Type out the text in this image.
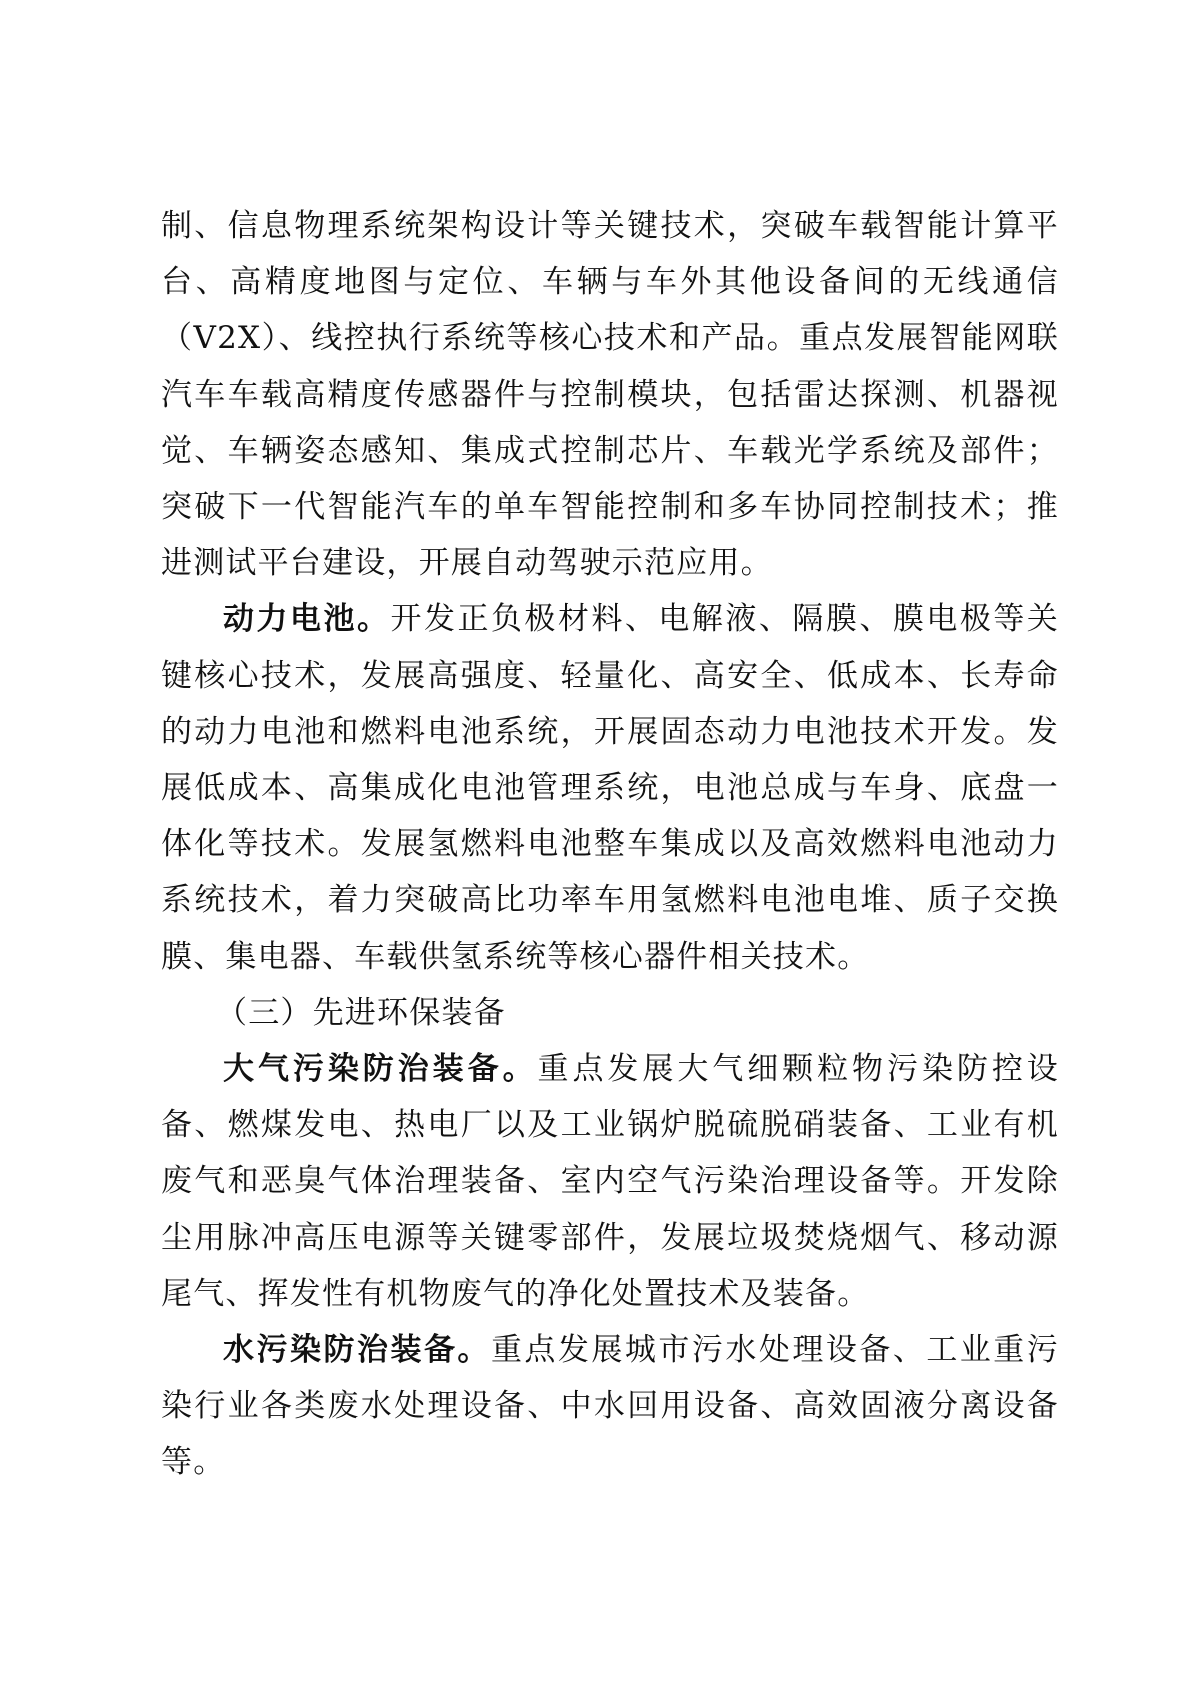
制、信息物理系统架构设计等关键技术，突破车载智能计算平台、高精度地图与定位、车辆与车外其他设备间的无线通信（V2X）、线控执行系统等核心技术和产品。重点发展智能网联汽车车载高精度传感器件与控制模块，包括雷达探测、机器视觉、车辆姿态感知、集成式控制芯片、车载光学系统及部件；突破下一代智能汽车的单车智能控制和多车协同控制技术；推进测试平台建设，开展自动驾驶示范应用。

动力电池。开发正负极材料、电解液、隔膜、膜电极等关键核心技术，发展高强度、轻量化、高安全、低成本、长寿命的动力电池和燃料电池系统，开展固态动力电池技术开发。发展低成本、高集成化电池管理系统，电池总成与车身、底盘一体化等技术。发展氢燃料电池整车集成以及高效燃料电池动力系统技术，着力突破高比功率车用氢燃料电池电堆、质子交换膜、集电器、车载供氢系统等核心器件相关技术。

（三）先进环保装备

大气污染防治装备。重点发展大气细颗粒物污染防控设备、燃煤发电、热电厂以及工业锅炉脱硫脱硝装备、工业有机废气和恶臭气体治理装备、室内空气污染治理设备等。开发除尘用脉冲高压电源等关键零部件，发展垃圾焚烧烟气、移动源尾气、挥发性有机物废气的净化处置技术及装备。

水污染防治装备。重点发展城市污水处理设备、工业重污染行业各类废水处理设备、中水回用设备、高效固液分离设备等。
